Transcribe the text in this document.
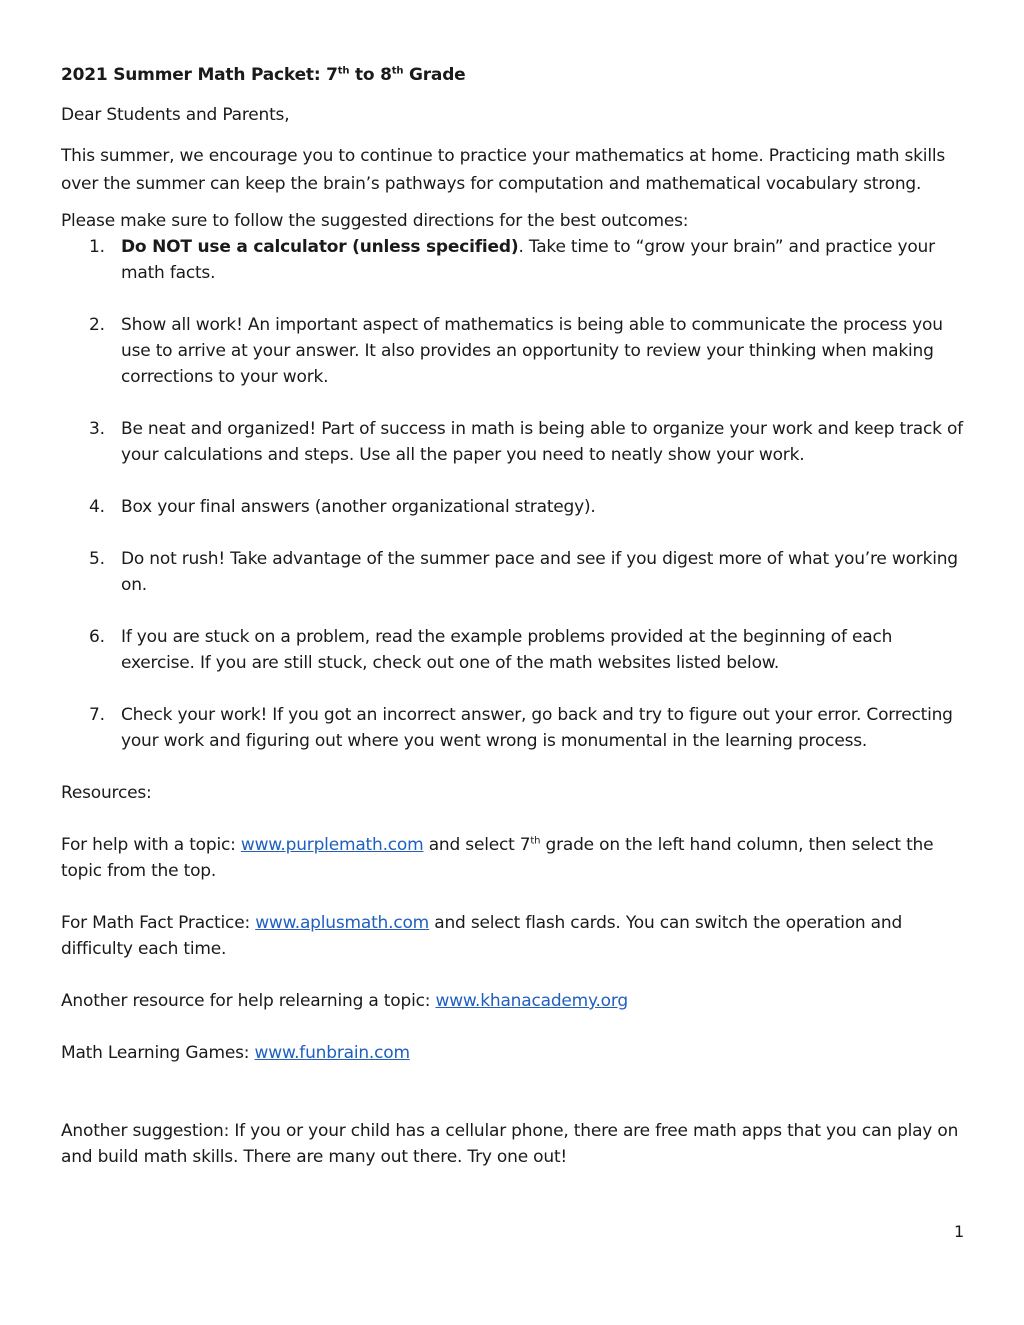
2021 Summer Math Packet: 7th to 8th Grade

Dear Students and Parents,

This summer, we encourage you to continue to practice your mathematics at home. Practicing math skills over the summer can keep the brain’s pathways for computation and mathematical vocabulary strong.

Please make sure to follow the suggested directions for the best outcomes:

1. Do NOT use a calculator (unless specified). Take time to “grow your brain” and practice your math facts.
2. Show all work! An important aspect of mathematics is being able to communicate the process you use to arrive at your answer. It also provides an opportunity to review your thinking when making corrections to your work.
3. Be neat and organized! Part of success in math is being able to organize your work and keep track of your calculations and steps. Use all the paper you need to neatly show your work.
4. Box your final answers (another organizational strategy).
5. Do not rush! Take advantage of the summer pace and see if you digest more of what you’re working on.
6. If you are stuck on a problem, read the example problems provided at the beginning of each exercise. If you are still stuck, check out one of the math websites listed below.
7. Check your work! If you got an incorrect answer, go back and try to figure out your error. Correcting your work and figuring out where you went wrong is monumental in the learning process.

Resources:

For help with a topic: www.purplemath.com and select 7th grade on the left hand column, then select the topic from the top.

For Math Fact Practice: www.aplusmath.com and select flash cards. You can switch the operation and difficulty each time.

Another resource for help relearning a topic: www.khanacademy.org

Math Learning Games: www.funbrain.com

Another suggestion: If you or your child has a cellular phone, there are free math apps that you can play on and build math skills. There are many out there. Try one out!

1
